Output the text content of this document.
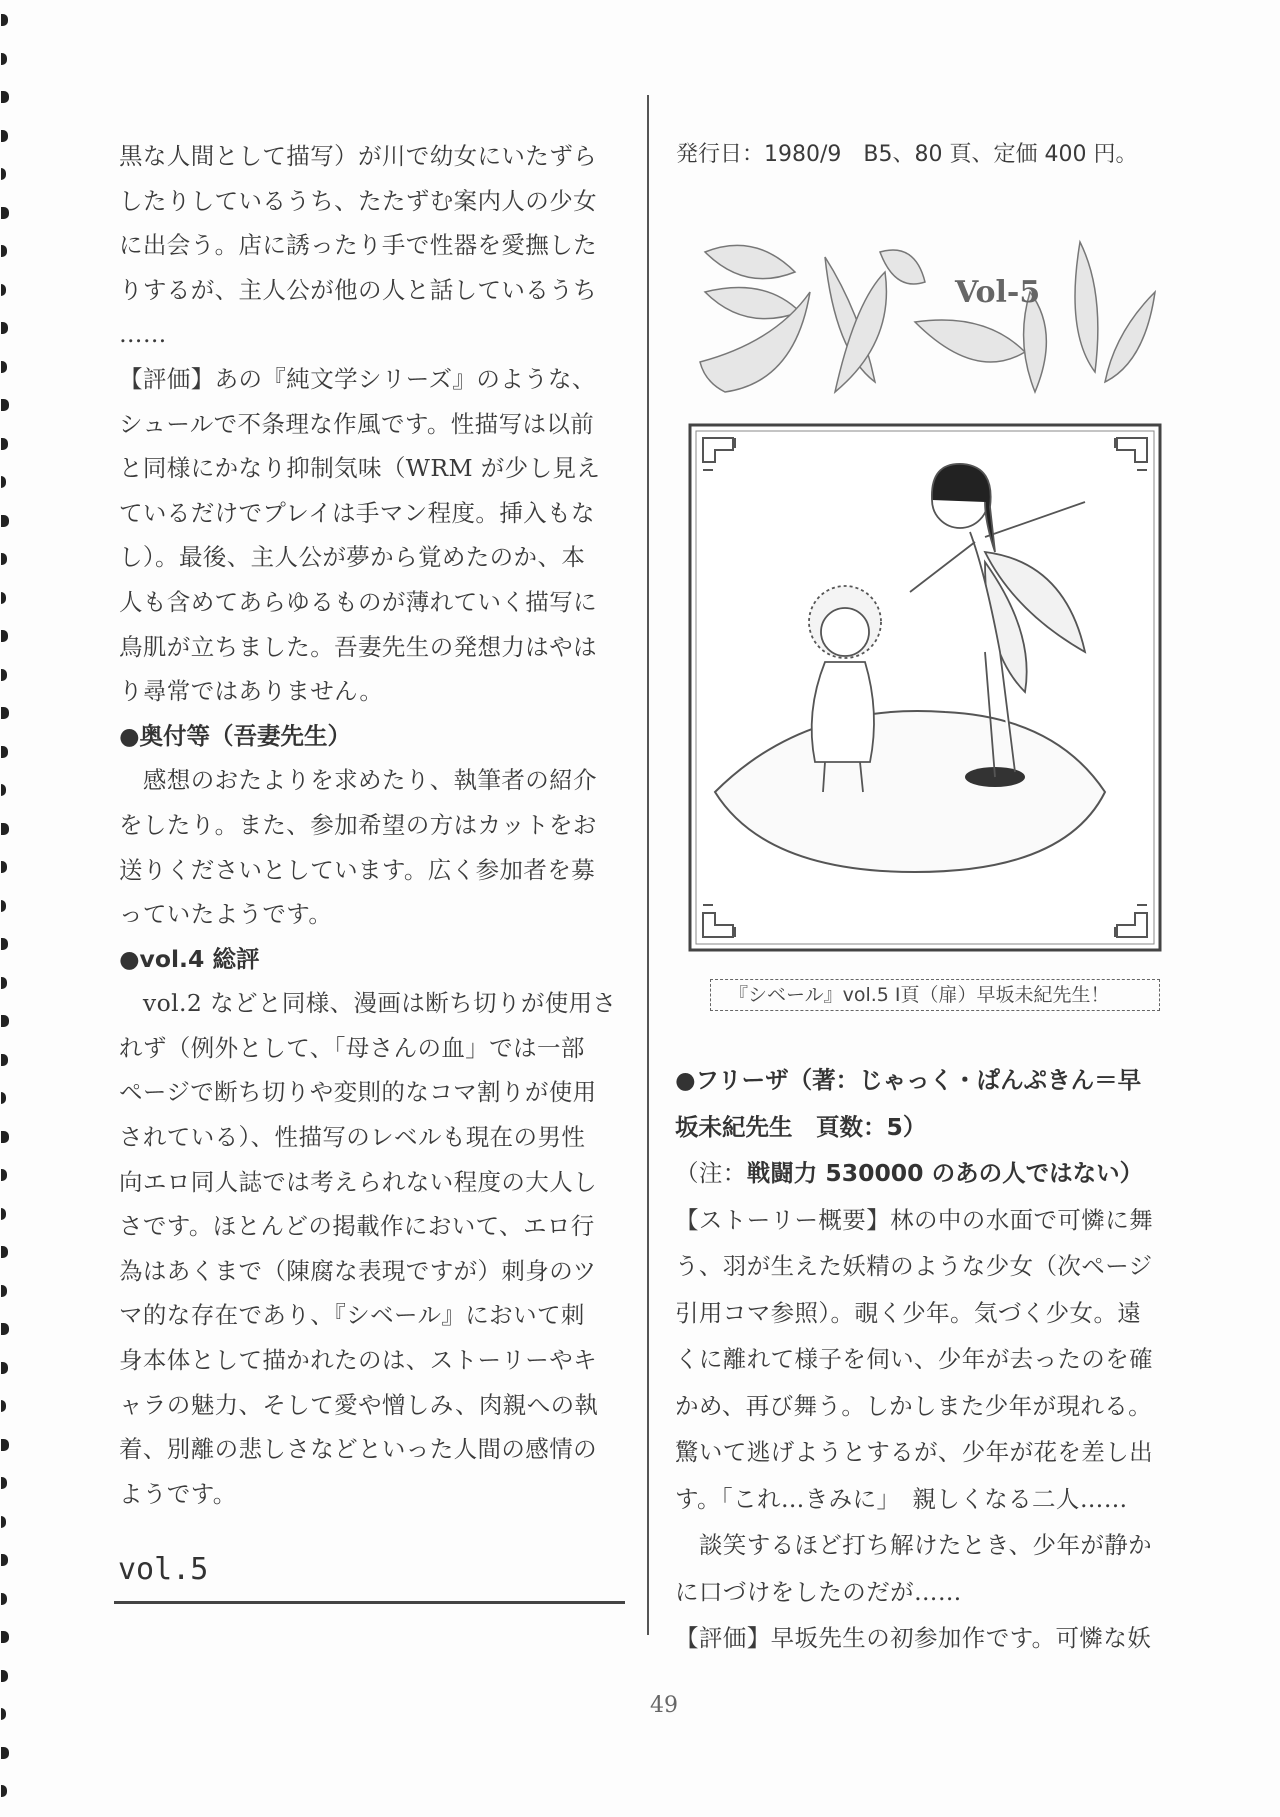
黒な人間として描写）が川で幼女にいたずら
したりしているうち、たたずむ案内人の少女
に出会う。店に誘ったり手で性器を愛撫した
りするが、主人公が他の人と話しているうち
……
【評価】あの『純文学シリーズ』のような、
シュールで不条理な作風です。性描写は以前
と同様にかなり抑制気味（WRM が少し見え
ているだけでプレイは手マン程度。挿入もな
し）。最後、主人公が夢から覚めたのか、本
人も含めてあらゆるものが薄れていく描写に
鳥肌が立ちました。吾妻先生の発想力はやは
り尋常ではありません。
●奥付等（吾妻先生）
　感想のおたよりを求めたり、執筆者の紹介
をしたり。また、参加希望の方はカットをお
送りくださいとしています。広く参加者を募
っていたようです。
●vol.4 総評
　vol.2 などと同様、漫画は断ち切りが使用さ
れず（例外として、「母さんの血」では一部
ページで断ち切りや変則的なコマ割りが使用
されている）、性描写のレベルも現在の男性
向エロ同人誌では考えられない程度の大人し
さです。ほとんどの掲載作において、エロ行
為はあくまで（陳腐な表現ですが）刺身のツ
マ的な存在であり、『シベール』において刺
身本体として描かれたのは、ストーリーやキ
ャラの魅力、そして愛や憎しみ、肉親への執
着、別離の悲しさなどといった人間の感情の
ようです。
vol.5
発行日：1980/9　B5、80 頁、定価 400 円。
Vol-5
『シベール』vol.5 Ⅰ頁（扉）早坂未紀先生！
●フリーザ（著：じゃっく・ぱんぷきん＝早
坂未紀先生　頁数：5）
（注：戦闘力 530000 のあの人ではない）
【ストーリー概要】林の中の水面で可憐に舞
う、羽が生えた妖精のような少女（次ページ
引用コマ参照）。覗く少年。気づく少女。遠
くに離れて様子を伺い、少年が去ったのを確
かめ、再び舞う。しかしまた少年が現れる。
驚いて逃げようとするが、少年が花を差し出
す。「これ…きみに」　親しくなる二人……
　談笑するほど打ち解けたとき、少年が静か
に口づけをしたのだが……
【評価】早坂先生の初参加作です。可憐な妖
49
